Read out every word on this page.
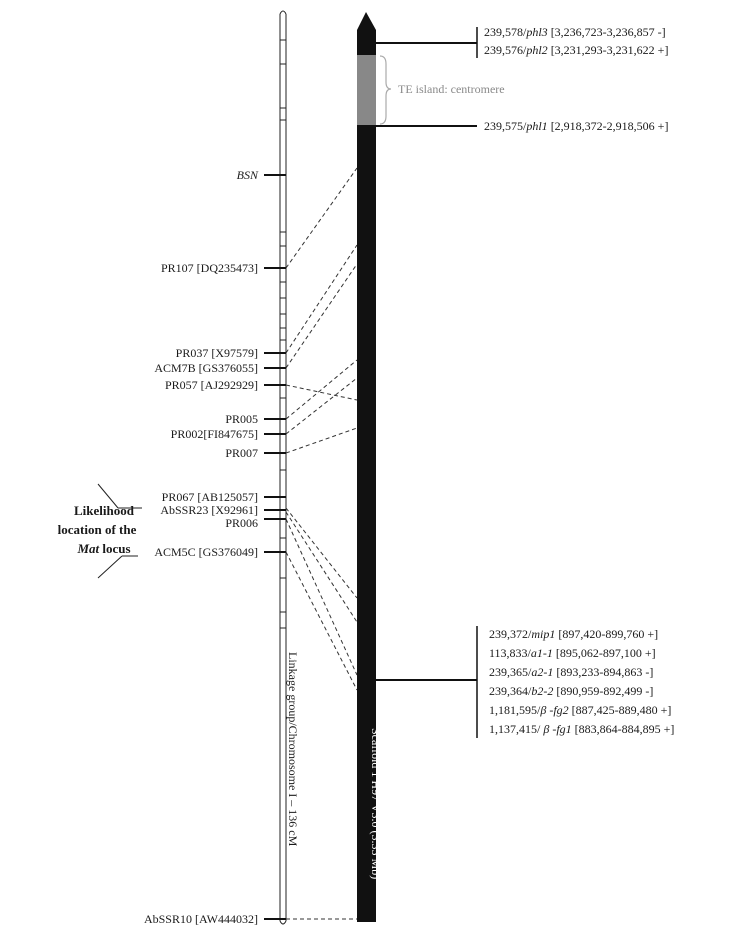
BSN
PR107 [DQ235473]
PR037 [X97579]
ACM7B [GS376055]
PR057 [AJ292929]
PR005
PR002[FI847675]
PR007
PR067 [AB125057]
AbSSR23 [X92961]
PR006
ACM5C [GS376049]
AbSSR10 [AW444032]
Linkage group/Chromosome I – 136 cM
Likelihood
location of the
Mat locus
Scaffold 1 H97 V3.0 (3.35 Mb)
TE island: centromere
239,578/phl3 [3,236,723-3,236,857 -]
239,576/phl2 [3,231,293-3,231,622 +]
239,575/phl1 [2,918,372-2,918,506 +]
239,372/mip1 [897,420-899,760 +]
113,833/a1-1 [895,062-897,100 +]
239,365/a2-1 [893,233-894,863 -]
239,364/b2-2 [890,959-892,499 -]
1,181,595/β -fg2 [887,425-889,480 +]
1,137,415/ β -fg1 [883,864-884,895 +]
